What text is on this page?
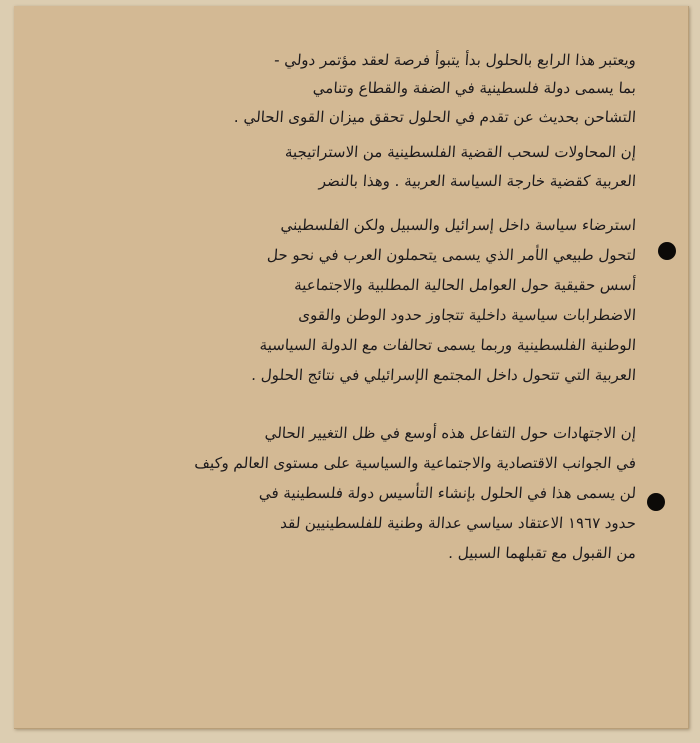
ويعتبر هذا الرابع بالحلول بدأ يتبوأ فرصة لعقد مؤتمر دولي -
بما يسمى دولة فلسطينية في الضفة والقطاع وتنامي
التشاحن بحديث عن تقدم في الحلول تحقق ميزان القوى الحالي .
إن المحاولات لسحب القضية الفلسطينية من الاستراتيجية
العربية كقضية خارجة السياسة العربية . وهذا بالنضر
استرضاء سياسة داخل إسرائيل والسبيل ولكن الفلسطيني
لتحول طبيعي الأمر الذي يسمى يتحملون العرب في نحو حل
أسس حقيقية حول العوامل الحالية المطلبية والاجتماعية
الاضطرابات سياسية داخلية تتجاوز حدود الوطن والقوى
الوطنية الفلسطينية وربما يسمى تحالفات مع الدولة السياسية
العربية التي تتحول داخل المجتمع الإسرائيلي في نتائج الحلول .
إن الاجتهادات حول التفاعل هذه أوسع في ظل التغيير الحالي
في الجوانب الاقتصادية والاجتماعية والسياسية على مستوى العالم وكيف
لن يسمى هذا في الحلول بإنشاء التأسيس دولة فلسطينية في
حدود ١٩٦٧ الاعتقاد سياسي عدالة وطنية للفلسطينيين لقد
من القبول مع تقبلهما السبيل .
